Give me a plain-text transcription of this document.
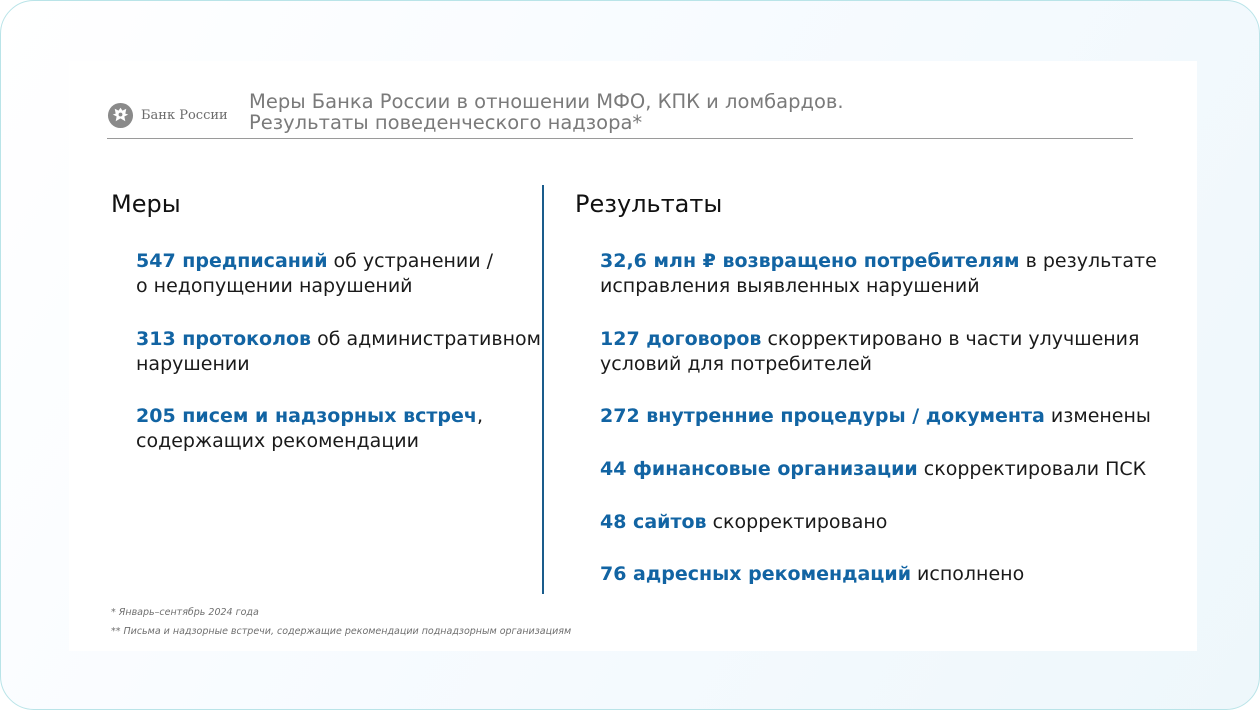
Банк России
Меры Банка России в отношении МФО, КПК и ломбардов.
Результаты поведенческого надзора*
Меры	Результаты
547 предписаний об устранении /
о недопущении нарушений
313 протоколов об административном
нарушении
205 писем и надзорных встреч,
содержащих рекомендации
32,6 млн ₽ возвращено потребителям в результате
исправления выявленных нарушений
127 договоров скорректировано в части улучшения
условий для потребителей
272 внутренние процедуры / документа изменены
44 финансовые организации скорректировали ПСК
48 сайтов скорректировано
76 адресных рекомендаций исполнено
* Январь–сентябрь 2024 года
** Письма и надзорные встречи, содержащие рекомендации поднадзорным организациям
